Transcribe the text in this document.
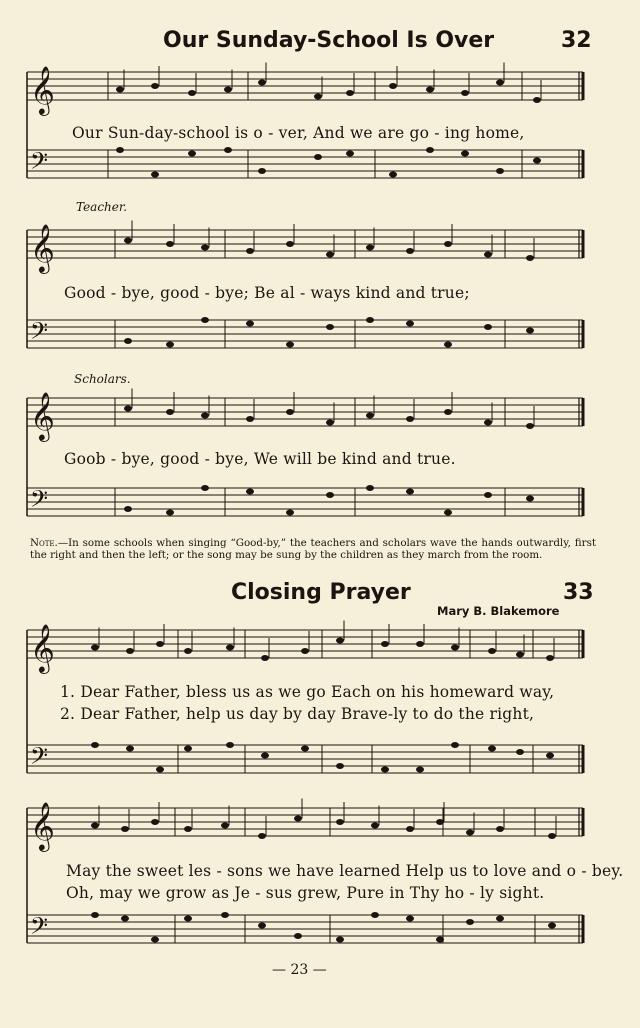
Our Sunday-School Is Over	32
𝄞
𝄢
𝄞
𝄢
𝄞
𝄢
𝄞
𝄢
𝄞
𝄢
Our Sun-day-school is o - ver, And we are go - ing home,
Teacher.
Good - bye, good - bye; Be al - ways kind and true;
Scholars.
Goob - bye, good - bye, We will be kind and true.
Note.—In some schools when singing “Good-by,” the teachers and scholars wave the hands outwardly, first the right and then the left; or the song may be sung by the children as they march from the room.
Closing Prayer	33
Mary B. Blakemore
1. Dear Father, bless us as we go Each on his homeward way,
2. Dear Father, help us day by day Brave-ly to do the right,
May the sweet les - sons we have learned Help us to love and o - bey.
Oh, may we grow as Je - sus grew, Pure in Thy ho - ly sight.
— 23 —
